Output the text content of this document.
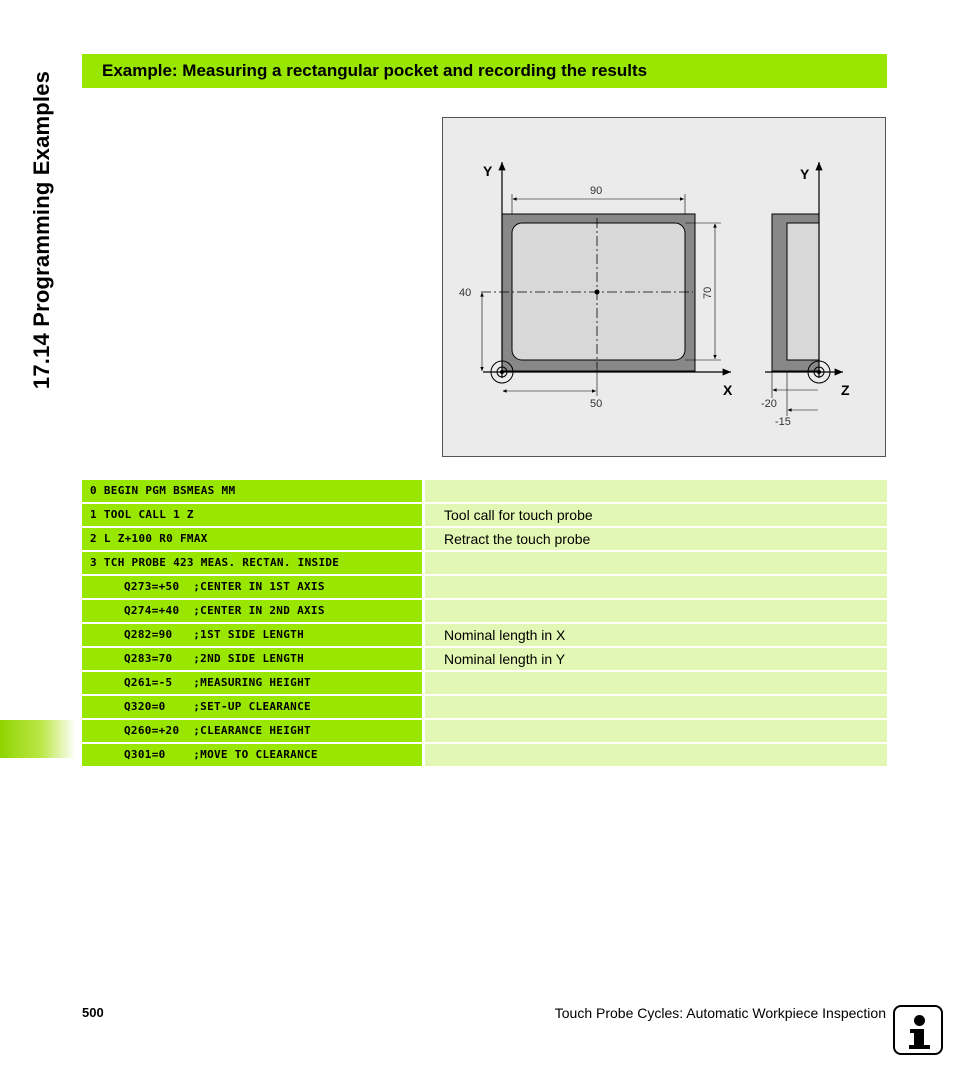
17.14 Programming Examples
Example: Measuring a rectangular pocket and recording the results
Y
X
90
70
40
50
Y
Z
-20
-15
0 BEGIN PGM BSMEAS MM
1 TOOL CALL 1 Z	Tool call for touch probe
2 L Z+100 R0 FMAX	Retract the touch probe
3 TCH PROBE 423 MEAS. RECTAN. INSIDE
Q273=+50  ;CENTER IN 1ST AXIS
Q274=+40  ;CENTER IN 2ND AXIS
Q282=90   ;1ST SIDE LENGTH	Nominal length in X
Q283=70   ;2ND SIDE LENGTH	Nominal length in Y
Q261=-5   ;MEASURING HEIGHT
Q320=0    ;SET-UP CLEARANCE
Q260=+20  ;CLEARANCE HEIGHT
Q301=0    ;MOVE TO CLEARANCE
500	Touch Probe Cycles: Automatic Workpiece Inspection
